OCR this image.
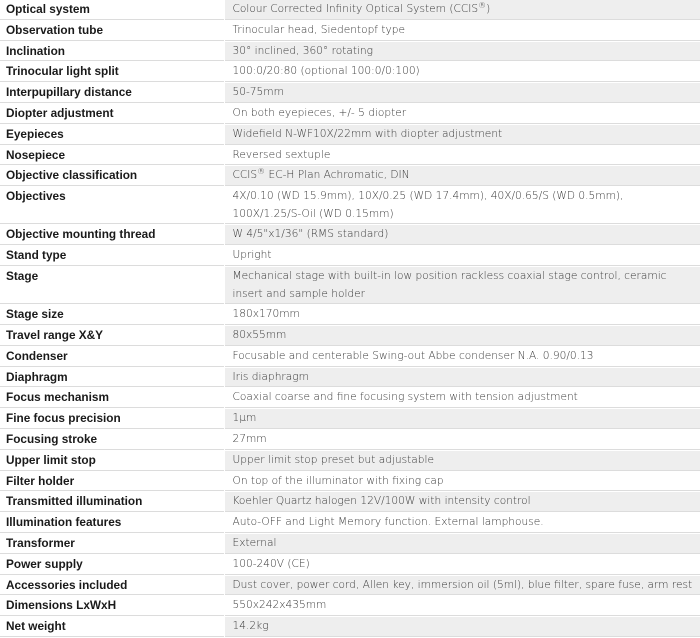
Optical system	Colour Corrected Infinity Optical System (CCIS®)
Observation tube	Trinocular head, Siedentopf type
Inclination	30° inclined, 360° rotating
Trinocular light split	100:0/20:80 (optional 100:0/0:100)
Interpupillary distance	50-75mm
Diopter adjustment	On both eyepieces, +/- 5 diopter
Eyepieces	Widefield N-WF10X/22mm with diopter adjustment
Nosepiece	Reversed sextuple
Objective classification	CCIS® EC-H Plan Achromatic, DIN
Objectives	4X/0.10 (WD 15.9mm), 10X/0.25 (WD 17.4mm), 40X/0.65/S (WD 0.5mm),
100X/1.25/S-Oil (WD 0.15mm)

Objective mounting thread	W 4/5"x1/36" (RMS standard)
Stand type	Upright
Stage	Mechanical stage with built-in low position rackless coaxial stage control, ceramic
insert and sample holder

Stage size	180x170mm
Travel range X&Y	80x55mm
Condenser	Focusable and centerable Swing-out Abbe condenser N.A. 0.90/0.13
Diaphragm	Iris diaphragm
Focus mechanism	Coaxial coarse and fine focusing system with tension adjustment
Fine focus precision	1µm
Focusing stroke	27mm
Upper limit stop	Upper limit stop preset but adjustable
Filter holder	On top of the illuminator with fixing cap
Transmitted illumination	Koehler Quartz halogen 12V/100W with intensity control
Illumination features	Auto-OFF and Light Memory function. External lamphouse.
Transformer	External
Power supply	100-240V (CE)
Accessories included	Dust cover, power cord, Allen key, immersion oil (5ml), blue filter, spare fuse, arm rest
Dimensions LxWxH	550x242x435mm
Net weight	14.2kg
